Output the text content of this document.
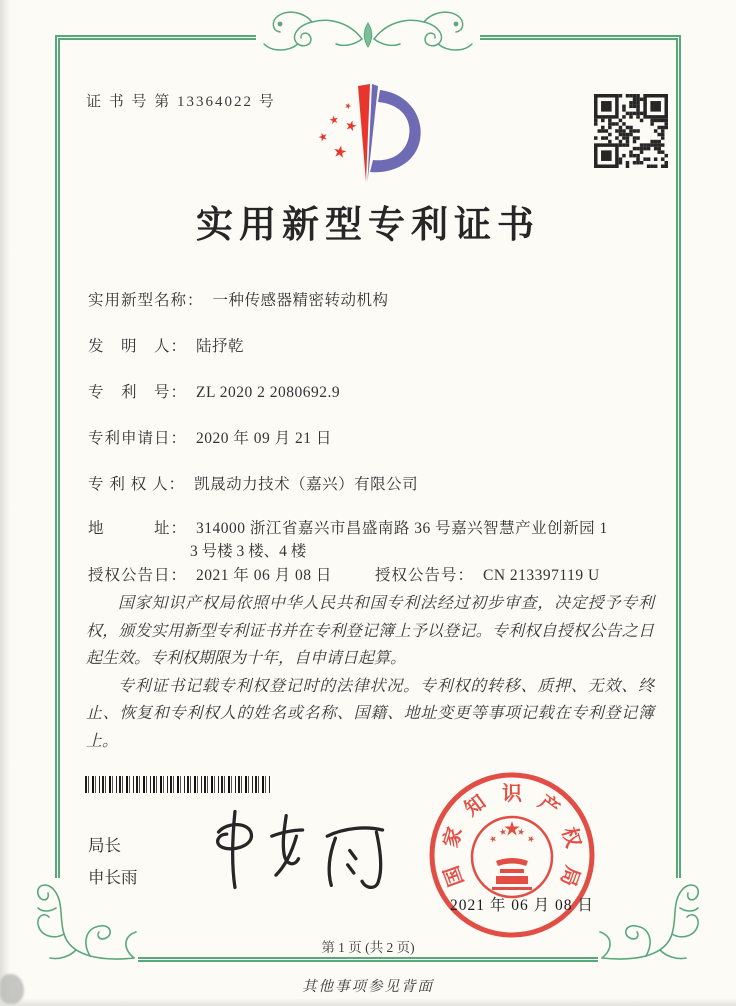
证 书 号 第 13364022 号
实用新型专利证书
实用新型名称： 一种传感器精密转动机构
发　明　人： 陆抒乾
专　利　号： ZL 2020 2 2080692.9
专利申请日： 2020 年 09 月 21 日
专 利 权 人： 凯晟动力技术（嘉兴）有限公司
地　　　址： 314000 浙江省嘉兴市昌盛南路 36 号嘉兴智慧产业创新园 1
3 号楼 3 楼、4 楼
授权公告日： 2021 年 06 月 08 日	授权公告号： CN 213397119 U

国家知识产权局依照中华人民共和国专利法经过初步审查，决定授予专利权，颁发实用新型专利证书并在专利登记簿上予以登记。专利权自授权公告之日起生效。专利权期限为十年，自申请日起算。

专利证书记载专利权登记时的法律状况。专利权的转移、质押、无效、终止、恢复和专利权人的姓名或名称、国籍、地址变更等事项记载在专利登记簿上。

局长
申长雨	国
家
知 识 产
权
局
2021 年 06 月 08 日
第 1 页 (共 2 页)
其他事项参见背面
